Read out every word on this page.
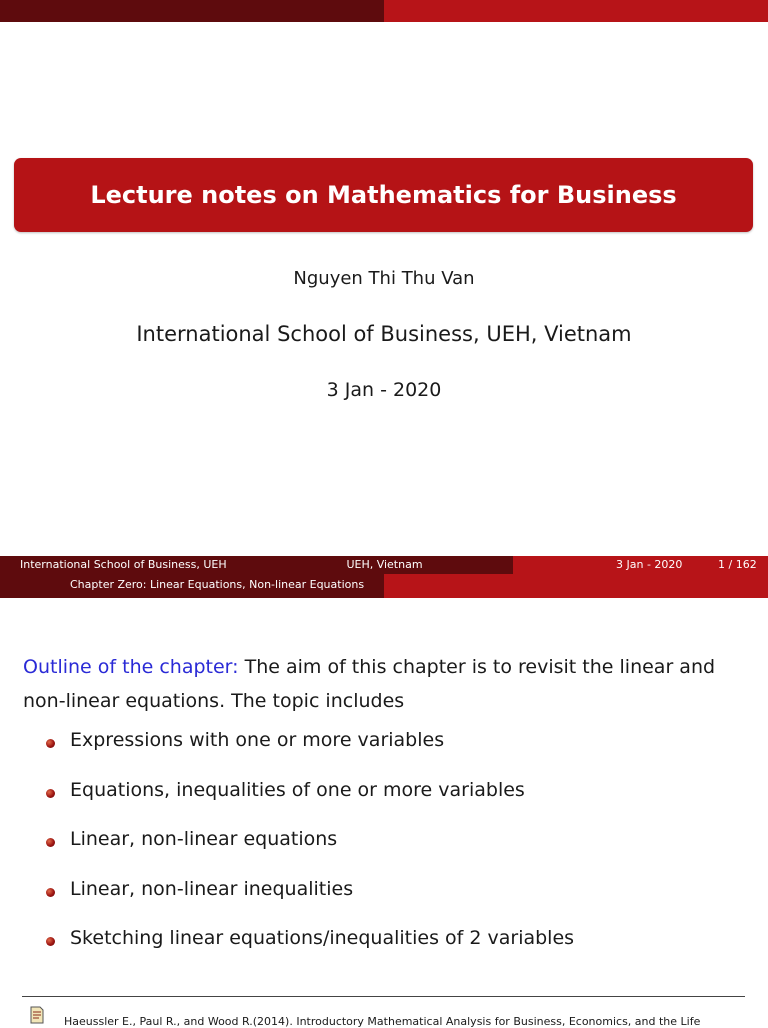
Lecture notes on Mathematics for Business
Nguyen Thi Thu Van
International School of Business, UEH, Vietnam
3 Jan - 2020
International School of Business, UEH	UEH, Vietnam	3 Jan - 2020	1 / 162
Chapter Zero: Linear Equations, Non-linear Equations
Outline of the chapter: The aim of this chapter is to revisit the linear and non-linear equations. The topic includes
Expressions with one or more variables
Equations, inequalities of one or more variables
Linear, non-linear equations
Linear, non-linear inequalities
Sketching linear equations/inequalities of 2 variables
Haeussler E., Paul R., and Wood R.(2014). Introductory Mathematical Analysis for Business, Economics, and the Life
